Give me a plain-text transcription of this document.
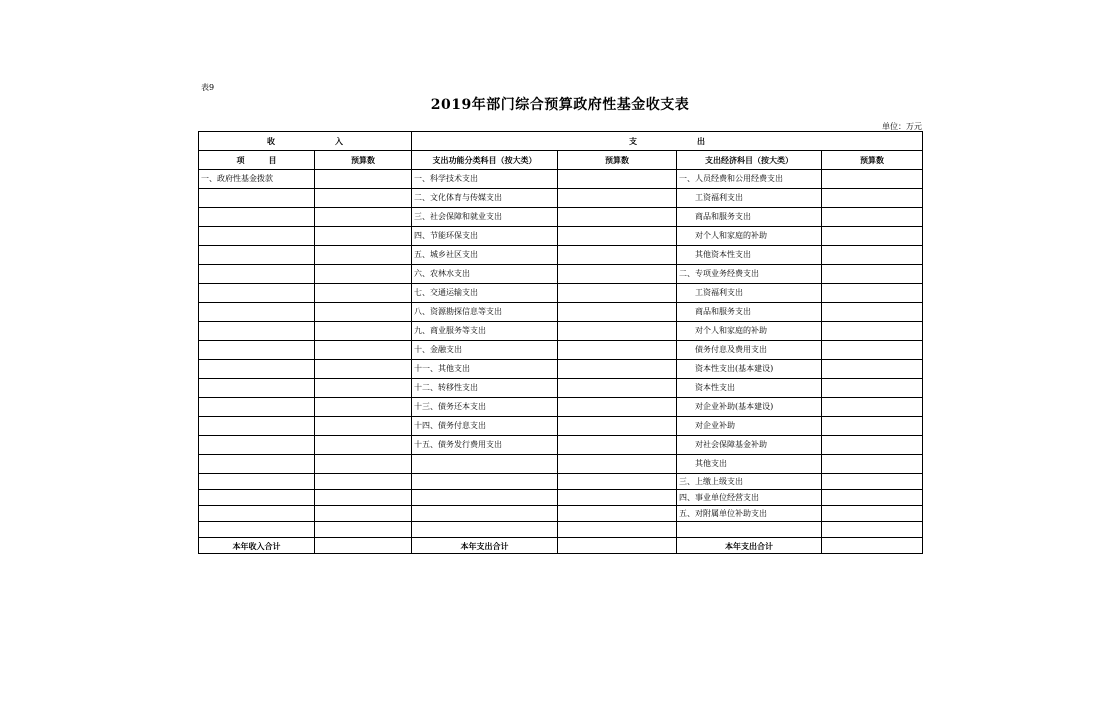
表9
2019年部门综合预算政府性基金收支表
单位：万元
收入		支出			
项目	预算数	支出功能分类科目（按大类）	预算数	支出经济科目（按大类）	预算数
一、政府性基金拨款		一、科学技术支出		一、人员经费和公用经费支出	
		二、文化体育与传媒支出		工资福利支出	
		三、社会保障和就业支出		商品和服务支出	
		四、节能环保支出		对个人和家庭的补助	
		五、城乡社区支出		其他资本性支出	
		六、农林水支出		二、专项业务经费支出	
		七、交通运输支出		工资福利支出	
		八、资源勘探信息等支出		商品和服务支出	
		九、商业服务等支出		对个人和家庭的补助	
		十、金融支出		债务付息及费用支出	
		十一、其他支出		资本性支出(基本建设)	
		十二、转移性支出		资本性支出	
		十三、债务还本支出		对企业补助(基本建设)	
		十四、债务付息支出		对企业补助	
		十五、债务发行费用支出		对社会保障基金补助	
				其他支出	
				三、上缴上级支出	
				四、事业单位经营支出	
				五、对附属单位补助支出	

本年收入合计		本年支出合计		本年支出合计	
